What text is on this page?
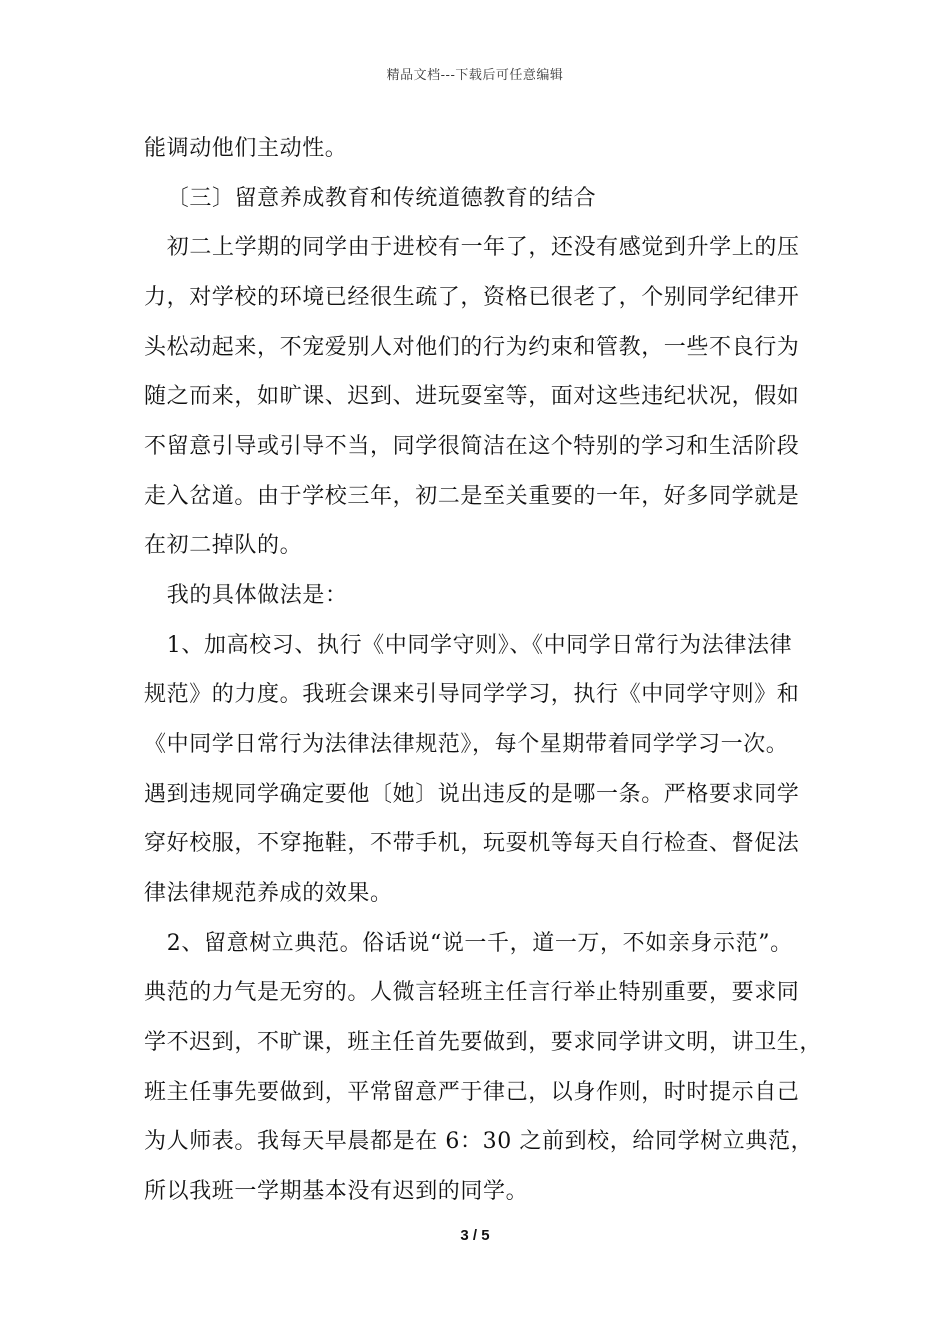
精品文档---下载后可任意编辑
能调动他们主动性。
〔三〕留意养成教育和传统道德教育的结合
初二上学期的同学由于进校有一年了，还没有感觉到升学上的压
力，对学校的环境已经很生疏了，资格已很老了，个别同学纪律开
头松动起来，不宠爱别人对他们的行为约束和管教，一些不良行为
随之而来，如旷课、迟到、进玩耍室等，面对这些违纪状况，假如
不留意引导或引导不当，同学很简洁在这个特别的学习和生活阶段
走入岔道。由于学校三年，初二是至关重要的一年，好多同学就是
在初二掉队的。
我的具体做法是：
1、加高校习、执行《中同学守则》、《中同学日常行为法律法律
规范》的力度。我班会课来引导同学学习，执行《中同学守则》和
《中同学日常行为法律法律规范》，每个星期带着同学学习一次。
遇到违规同学确定要他〔她〕说出违反的是哪一条。严格要求同学
穿好校服，不穿拖鞋，不带手机，玩耍机等每天自行检查、督促法
律法律规范养成的效果。
2、留意树立典范。俗话说“说一千，道一万，不如亲身示范”。
典范的力气是无穷的。人微言轻班主任言行举止特别重要，要求同
学不迟到，不旷课，班主任首先要做到，要求同学讲文明，讲卫生，
班主任事先要做到，平常留意严于律己，以身作则，时时提示自己
为人师表。我每天早晨都是在 6：30 之前到校，给同学树立典范，
所以我班一学期基本没有迟到的同学。
3 / 5
